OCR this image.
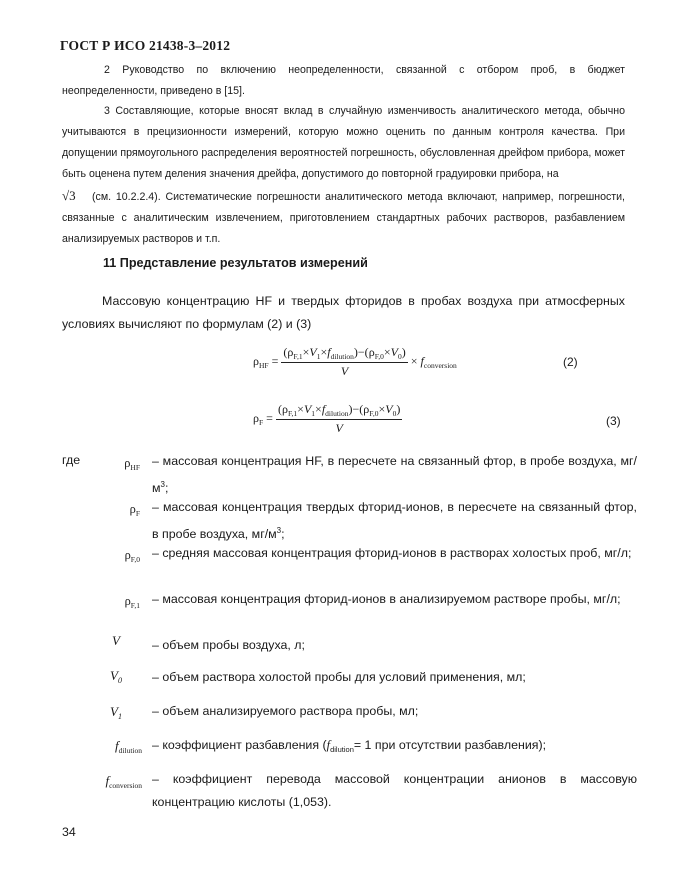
ГОСТ Р ИСО 21438-3–2012
2 Руководство по включению неопределенности, связанной с отбором проб, в бюджет неопределенности, приведено в [15].
3 Составляющие, которые вносят вклад в случайную изменчивость аналитического метода, обычно учитываются в прецизионности измерений, которую можно оценить по данным контроля качества. При допущении прямоугольного распределения вероятностей погрешность, обусловленная дрейфом прибора, может быть оценена путем деления значения дрейфа, допустимого до повторной градуировки прибора, на
√3 (см. 10.2.2.4). Систематические погрешности аналитического метода включают, например, погрешности, связанные с аналитическим извлечением, приготовлением стандартных рабочих растворов, разбавлением анализируемых растворов и т.п.
11 Представление результатов измерений
Массовую концентрацию HF и твердых фторидов в пробах воздуха при атмосферных условиях вычисляют по формулам (2) и (3)
$\rho_{HF} = \frac{(\rho_{F,1}\times V_1\times f_{dilution})-(\rho_{F,0}\times V_0)}{V} \times f_{conversion}$	(2)
$\rho_F = \frac{(\rho_{F,1}\times V_1\times f_{dilution})-(\rho_{F,0}\times V_0)}{V}$	(3)
где	$\rho_{HF}$ – массовая концентрация HF, в пересчете на связанный фтор, в пробе воздуха, $мг/м^3$;
$\rho_F$ – массовая концентрация твердых фторид-ионов, в пересчете на связанный фтор, в пробе воздуха, $мг/м^3$;
$\rho_{F,0}$ – средняя массовая концентрация фторид-ионов в растворах холостых проб, мг/л;
$\rho_{F,1}$ – массовая концентрация фторид-ионов в анализируемом растворе пробы, мг/л;
V	– объем пробы воздуха, л;
$V_0$ – объем раствора холостой пробы для условий применения, мл;
$V_1$ – объем анализируемого раствора пробы, мл;
$f_{dilution}$ – коэффициент разбавления ($f_{dilution}= 1$ при отсутствии разбавления);
$f_{conversion}$ – коэффициент перевода массовой концентрации анионов в массовую концентрацию кислоты (1,053).
34
